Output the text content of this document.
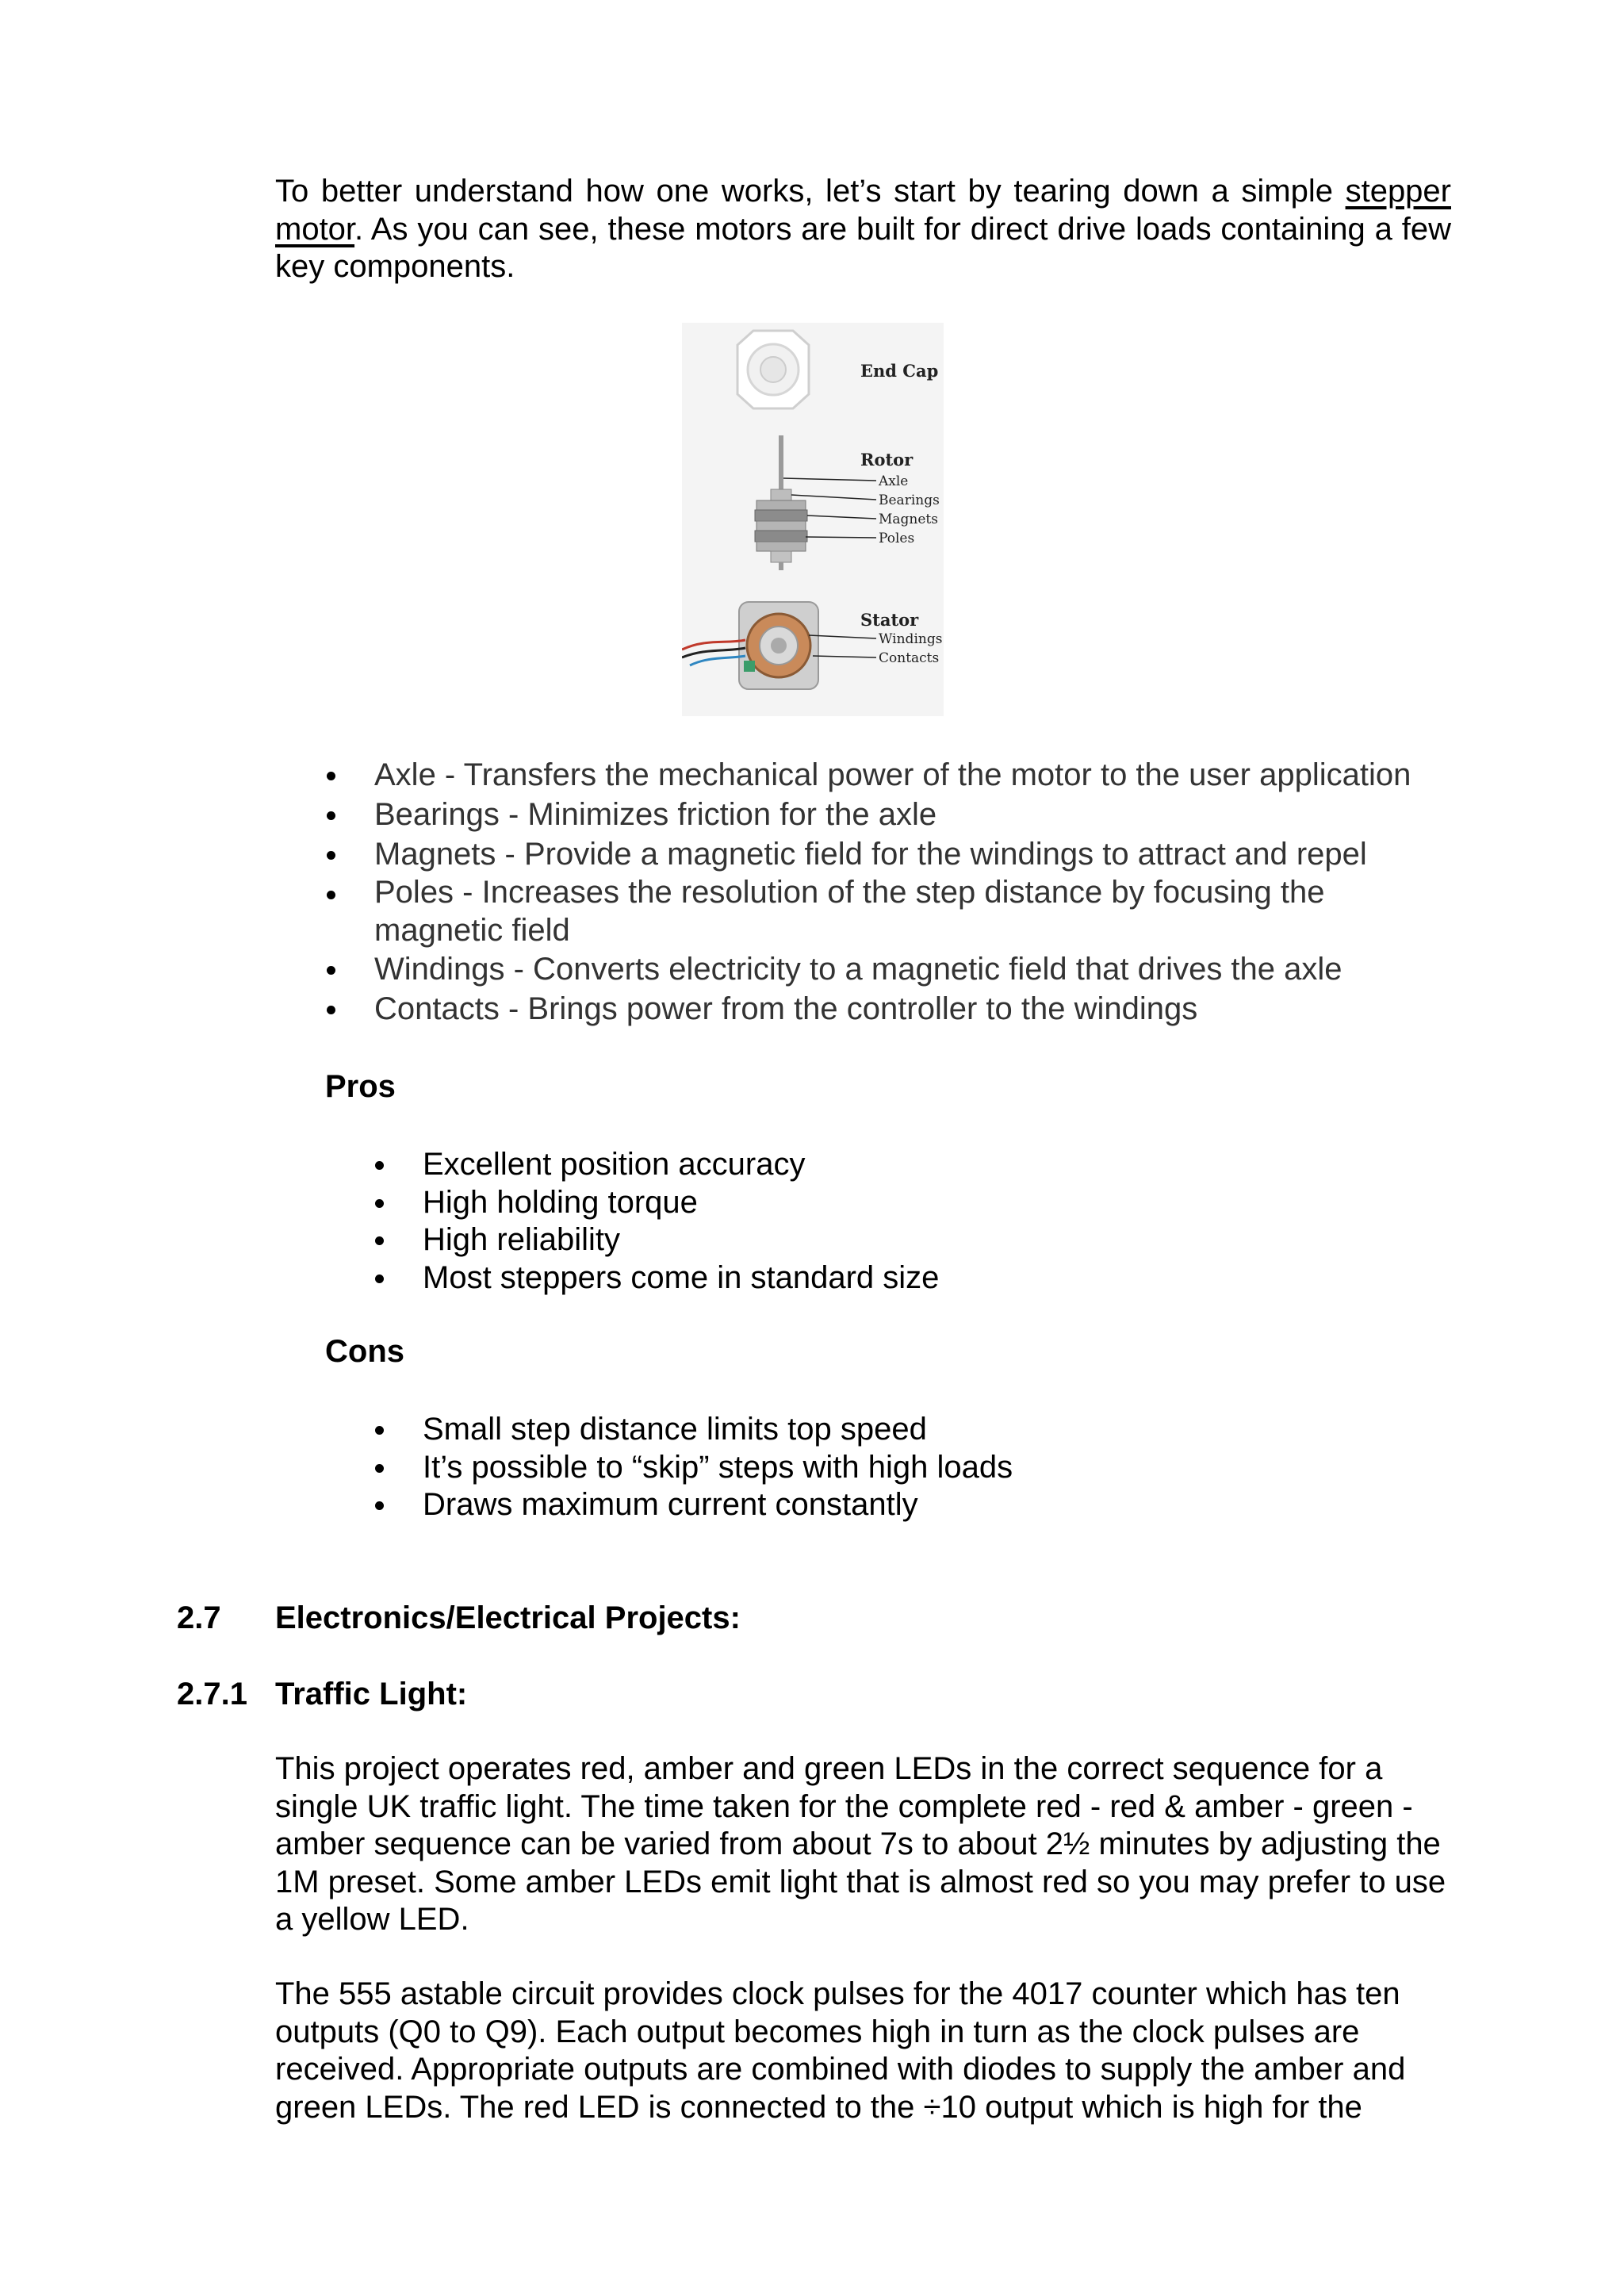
To better understand how one works, let’s start by tearing down a simple stepper motor. As you can see, these motors are built for direct drive loads containing a few key components.

End Cap
Rotor
Axle
Bearings
Magnets
Poles
Stator
Windings
Contacts
Axle - Transfers the mechanical power of the motor to the user application
Bearings - Minimizes friction for the axle
Magnets - Provide a magnetic field for the windings to attract and repel
Poles - Increases the resolution of the step distance by focusing the magnetic field
Windings - Converts electricity to a magnetic field that drives the axle
Contacts - Brings power from the controller to the windings

Pros

Excellent position accuracy
High holding torque
High reliability
Most steppers come in standard size

Cons

Small step distance limits top speed
It’s possible to “skip” steps with high loads
Draws maximum current constantly

2.7 Electronics/Electrical Projects:

2.7.1 Traffic Light:

This project operates red, amber and green LEDs in the correct sequence for a single UK traffic light. The time taken for the complete red - red & amber - green - amber sequence can be varied from about 7s to about 2½ minutes by adjusting the 1M preset. Some amber LEDs emit light that is almost red so you may prefer to use a yellow LED.

The 555 astable circuit provides clock pulses for the 4017 counter which has ten outputs (Q0 to Q9). Each output becomes high in turn as the clock pulses are received. Appropriate outputs are combined with diodes to supply the amber and green LEDs. The red LED is connected to the ÷10 output which is high for the
